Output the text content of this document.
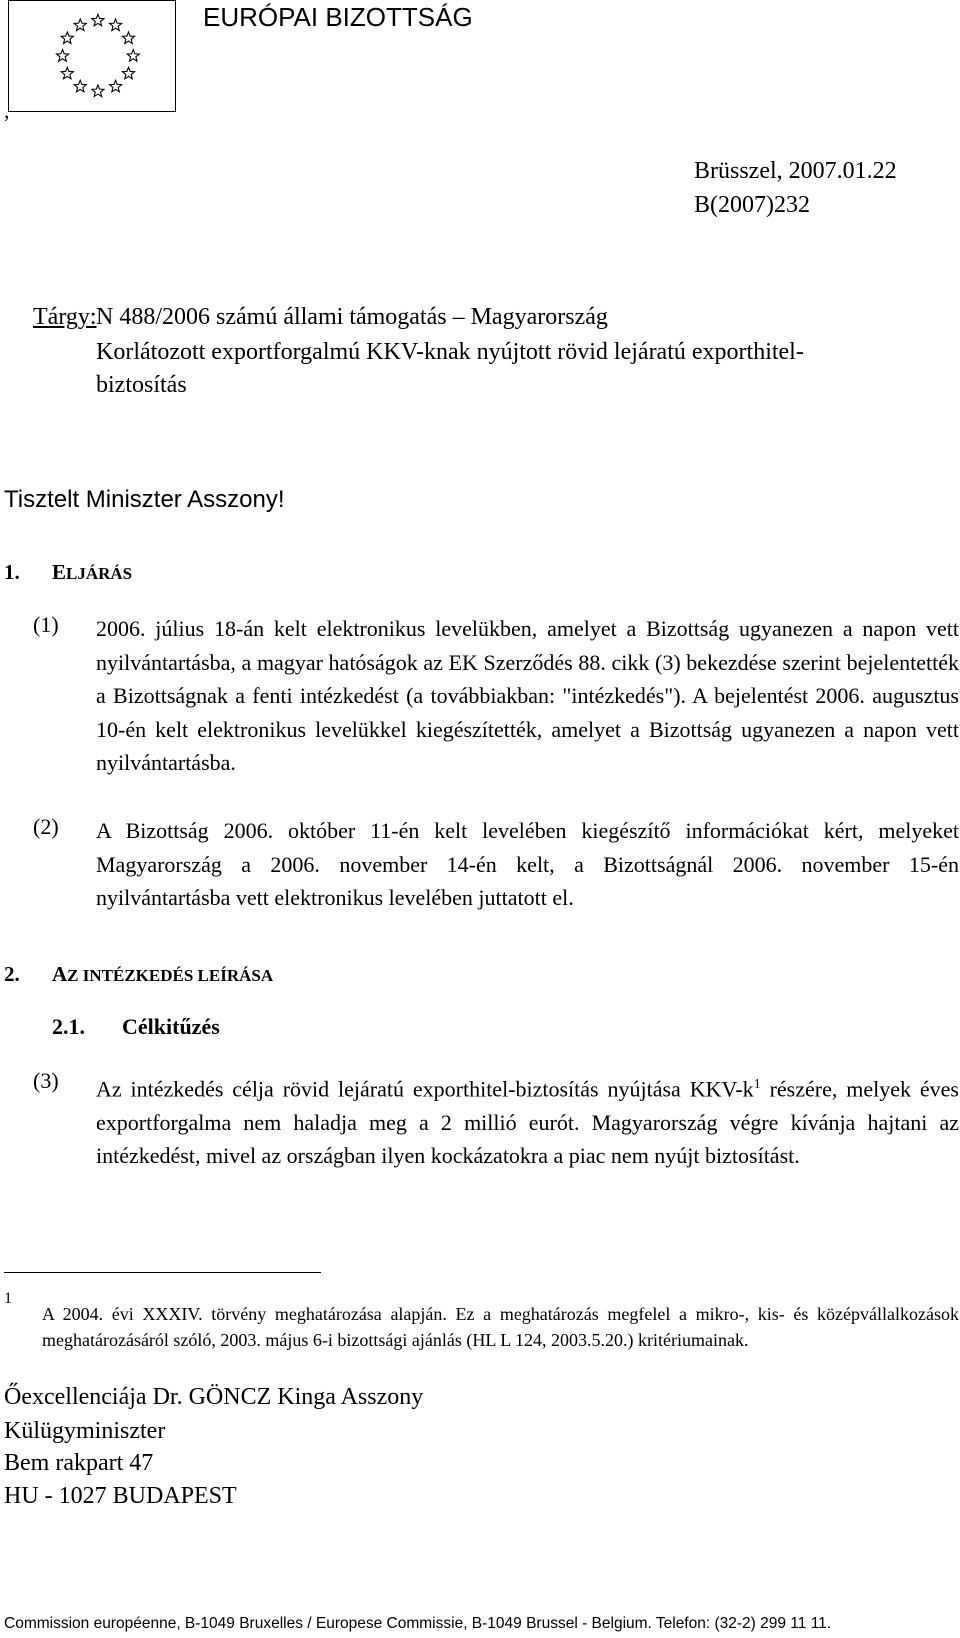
,
EURÓPAI BIZOTTSÁG
Brüsszel, 2007.01.22
B(2007)232
Tárgy: N 488/2006 számú állami támogatás – Magyarország
Korlátozott exportforgalmú KKV-knak nyújtott rövid lejáratú exporthitel-
biztosítás
Tisztelt Miniszter Asszony!
1. ELJÁRÁS
(1) 2006. július 18-án kelt elektronikus levelükben, amelyet a Bizottság ugyanezen a napon vett nyilvántartásba, a magyar hatóságok az EK Szerződés 88. cikk (3) bekezdése szerint bejelentették a Bizottságnak a fenti intézkedést (a továbbiakban: "intézkedés"). A bejelentést 2006. augusztus 10-én kelt elektronikus levelükkel kiegészítették, amelyet a Bizottság ugyanezen a napon vett nyilvántartásba.
(2) A Bizottság 2006. október 11-én kelt levelében kiegészítő információkat kért, melyeket Magyarország a 2006. november 14-én kelt, a Bizottságnál 2006. november 15-én nyilvántartásba vett elektronikus levelében juttatott el.
2. AZ INTÉZKEDÉS LEÍRÁSA
2.1. Célkitűzés
(3) Az intézkedés célja rövid lejáratú exporthitel-biztosítás nyújtása KKV-$k^1$ részére, melyek éves exportforgalma nem haladja meg a 2 millió eurót. Magyarország végre kívánja hajtani az intézkedést, mivel az országban ilyen kockázatokra a piac nem nyújt biztosítást.
1
A 2004. évi XXXIV. törvény meghatározása alapján. Ez a meghatározás megfelel a mikro-, kis- és középvállalkozások meghatározásáról szóló, 2003. május 6-i bizottsági ajánlás (HL L 124, 2003.5.20.) kritériumainak.
Őexcellenciája Dr. GÖNCZ Kinga Asszony
Külügyminiszter
Bem rakpart 47
HU - 1027 BUDAPEST
Commission européenne, B-1049 Bruxelles / Europese Commissie, B-1049 Brussel - Belgium. Telefon: (32-2) 299 11 11.
